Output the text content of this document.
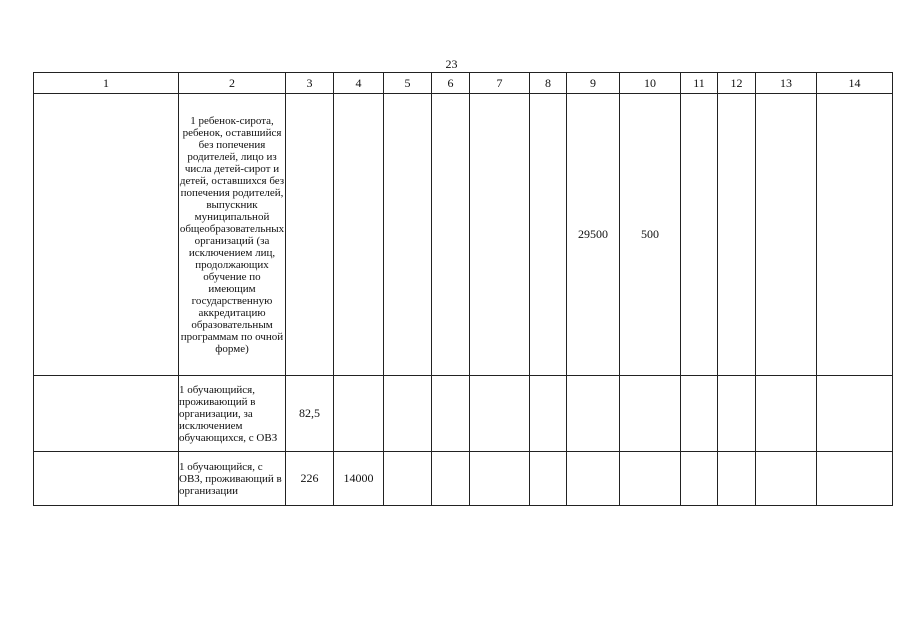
23
1	2	3	4	5	6	7	8	9	10	11	12	13	14
	1 ребенок-сирота, ребенок, оставшийся без попечения родителей, лицо из числа детей-сирот и детей, оставшихся без попечения родителей, выпускник муниципальной общеобразовательных организаций (за исключением лиц, продолжающих обучение по имеющим государственную аккредитацию образовательным программам по очной форме)							29500	500				
	1 обучающийся, проживающий в организации, за исключением обучающихся, с ОВЗ	82,5											
	1 обучающийся, с ОВЗ, проживающий в организации	226	14000										
